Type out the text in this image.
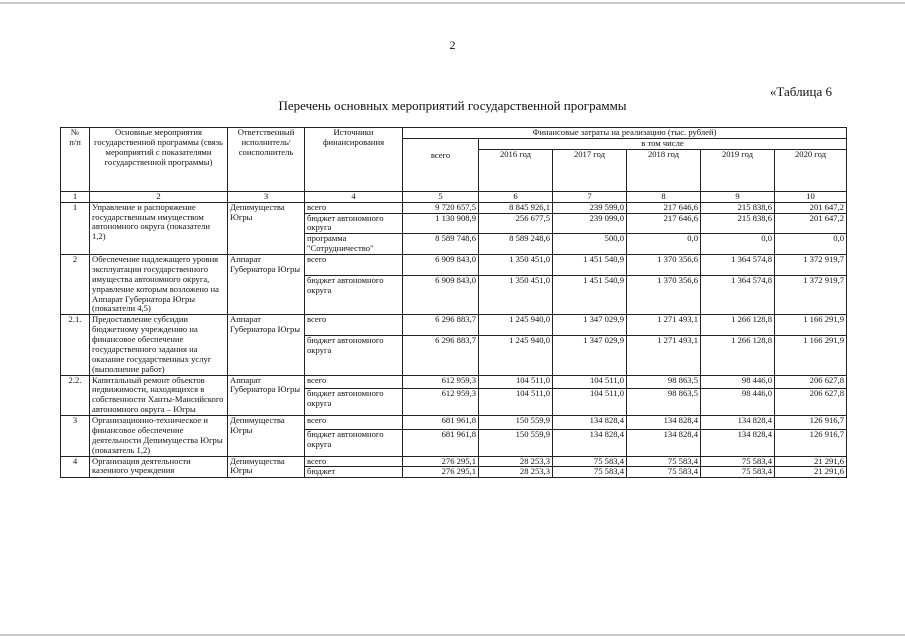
2
«Таблица 6
Перечень основных мероприятий государственной программы
№
п/п	Основные мероприятия государственной программы (связь мероприятий с показателями государственной программы)	Ответственный исполнитель/ соисполнитель	Источники финансирования	Финансовые затраты на реализацию (тыс. рублей)					
				всего	в том числе				
					2016 год	2017 год	2018 год	2019 год	2020 год
1	2	3	4	5	6	7	8	9	10
1	Управление и распоряжение государственным имуществом автономного округа (показатели 1,2)	Депимущества Югры	всего	9 720 657,5	8 845 926,1	239 599,0	217 646,6	215 838,6	201 647,2
			бюджет автономного округа	1 130 908,9	256 677,5	239 099,0	217 646,6	215 838,6	201 647,2
			программа "Сотрудничество"	8 589 748,6	8 589 248,6	500,0	0,0	0,0	0,0
2	Обеспечение надлежащего уровня эксплуатации государственного имущества автономного округа, управление которым возложено на Аппарат Губернатора Югры (показатели 4,5)	Аппарат Губернатора Югры	всего	6 909 843,0	1 350 451,0	1 451 540,9	1 370 356,6	1 364 574,8	1 372 919,7
			бюджет автономного округа	6 909 843,0	1 350 451,0	1 451 540,9	1 370 356,6	1 364 574,8	1 372 919,7
2.1.	Предоставление субсидии бюджетному учреждению на финансовое обеспечение государственного задания на оказание государственных услуг (выполнение работ)	Аппарат Губернатора Югры	всего	6 296 883,7	1 245 940,0	1 347 029,9	1 271 493,1	1 266 128,8	1 166 291,9
			бюджет автономного округа	6 296 883,7	1 245 940,0	1 347 029,9	1 271 493,1	1 266 128,8	1 166 291,9
2.2.	Капитальный ремонт объектов недвижимости, находящихся в собственности Ханты-Мансийского автономного округа – Югры	Аппарат Губернатора Югры	всего	612 959,3	104 511,0	104 511,0	98 863,5	98 446,0	206 627,8
			бюджет автономного округа	612 959,3	104 511,0	104 511,0	98 863,5	98 446,0	206 627,8
3	Организационно-техническое и финансовое обеспечение деятельности Депимущества Югры (показатель 1,2)	Депимущества Югры	всего	681 961,8	150 559,9	134 828,4	134 828,4	134 828,4	126 916,7
			бюджет автономного округа	681 961,8	150 559,9	134 828,4	134 828,4	134 828,4	126 916,7
4	Организация деятельности казенного учреждения	Депимущества Югры	всего	276 295,1	28 253,3	75 583,4	75 583,4	75 583,4	21 291,6
			бюджет	276 295,1	28 253,3	75 583,4	75 583,4	75 583,4	21 291,6
